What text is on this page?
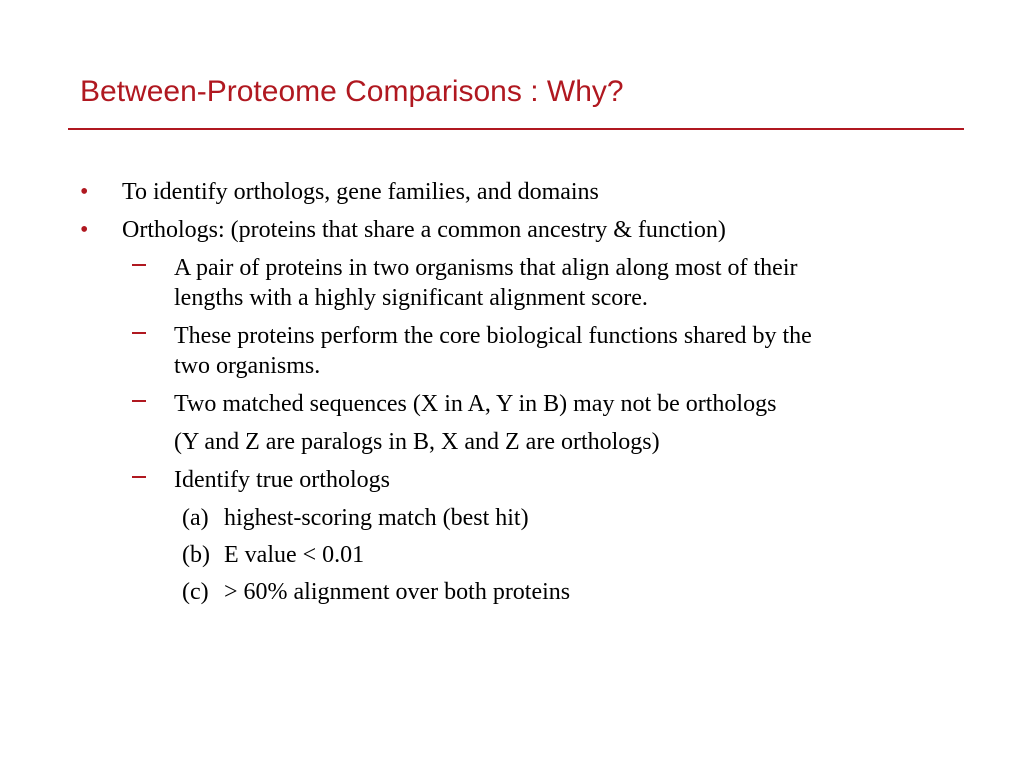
Between-Proteome Comparisons : Why?
• To identify orthologs, gene families, and domains
• Orthologs: (proteins that share a common ancestry & function)
A pair of proteins in two organisms that align along most of their
lengths with a highly significant alignment score.
These proteins perform the core biological functions shared by the
two organisms.
Two matched sequences (X in A, Y in B) may not be orthologs
(Y and Z are paralogs in B, X and Z are orthologs)
Identify true orthologs
(a) highest-scoring match (best hit)
(b) E value < 0.01
(c) > 60% alignment over both proteins
